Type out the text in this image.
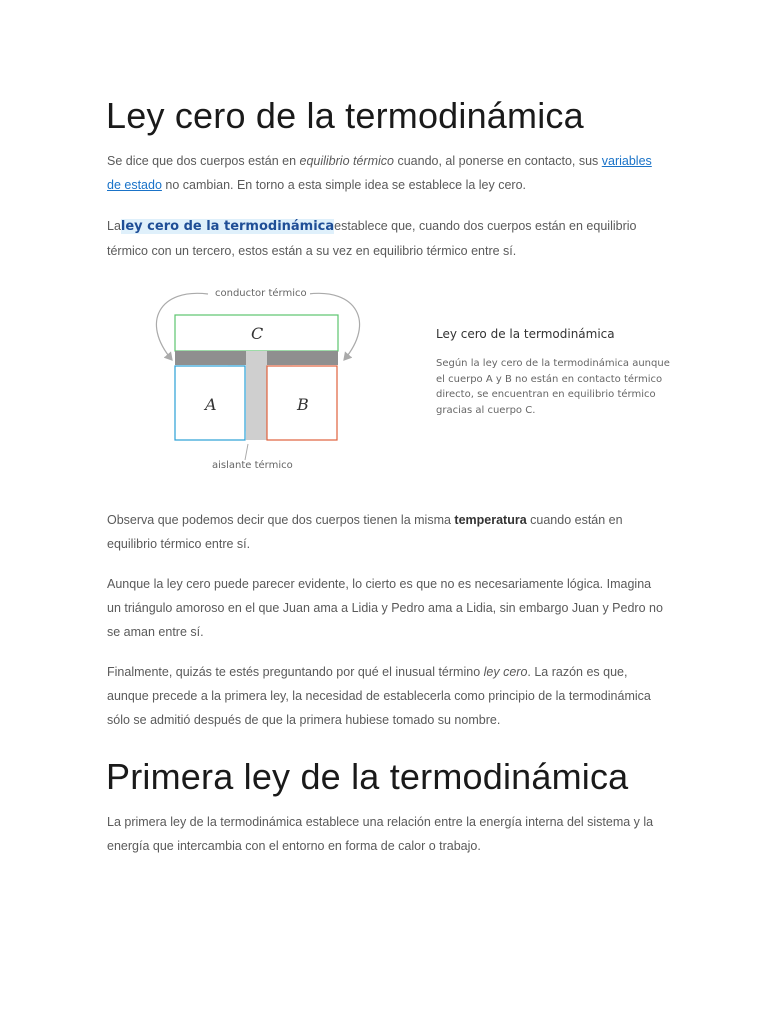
Ley cero de la termodinámica

Se dice que dos cuerpos están en equilibrio térmico cuando, al ponerse en contacto, sus variables de estado no cambian. En torno a esta simple idea se establece la ley cero.

Laley cero de la termodinámicaestablece que, cuando dos cuerpos están en equilibrio térmico con un tercero, estos están a su vez en equilibrio térmico entre sí.

conductor térmico
C
A	B
aislante térmico
Ley cero de la termodinámica
Según la ley cero de la termodinámica aunque el cuerpo A y B no están en contacto térmico directo, se encuentran en equilibrio térmico gracias al cuerpo C.

Observa que podemos decir que dos cuerpos tienen la misma temperatura cuando están en equilibrio térmico entre sí.

Aunque la ley cero puede parecer evidente, lo cierto es que no es necesariamente lógica. Imagina un triángulo amoroso en el que Juan ama a Lidia y Pedro ama a Lidia, sin embargo Juan y Pedro no se aman entre sí.

Finalmente, quizás te estés preguntando por qué el inusual término ley cero. La razón es que, aunque precede a la primera ley, la necesidad de establecerla como principio de la termodinámica sólo se admitió después de que la primera hubiese tomado su nombre.

Primera ley de la termodinámica

La primera ley de la termodinámica establece una relación entre la energía interna del sistema y la energía que intercambia con el entorno en forma de calor o trabajo.
